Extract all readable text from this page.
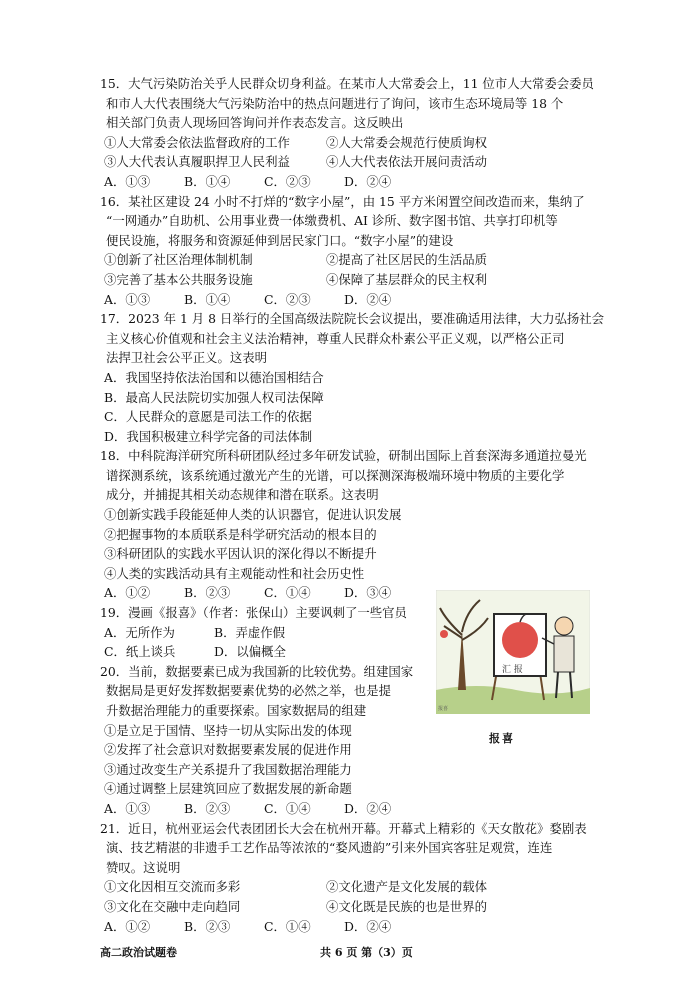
15．大气污染防治关乎人民群众切身利益。在某市人大常委会上，11 位市人大常委会委员
和市人大代表围绕大气污染防治中的热点问题进行了询问，该市生态环境局等 18 个
相关部门负责人现场回答询问并作表态发言。这反映出
①人大常委会依法监督政府的工作	②人大常委会规范行使质询权
③人大代表认真履职捍卫人民利益	④人大代表依法开展问责活动
A．①③	B．①④	C．②③	D．②④
16．某社区建设 24 小时不打烊的“数字小屋”，由 15 平方米闲置空间改造而来，集纳了
“一网通办”自助机、公用事业费一体缴费机、AI 诊所、数字图书馆、共享打印机等
便民设施，将服务和资源延伸到居民家门口。“数字小屋”的建设
①创新了社区治理体制机制	②提高了社区居民的生活品质
③完善了基本公共服务设施	④保障了基层群众的民主权利
A．①③	B．①④	C．②③	D．②④
17．2023 年 1 月 8 日举行的全国高级法院院长会议提出，要准确适用法律，大力弘扬社会
主义核心价值观和社会主义法治精神，尊重人民群众朴素公平正义观，以严格公正司
法捍卫社会公平正义。这表明
A．我国坚持依法治国和以德治国相结合
B．最高人民法院切实加强人权司法保障
C．人民群众的意愿是司法工作的依据
D．我国积极建立科学完备的司法体制
18．中科院海洋研究所科研团队经过多年研发试验，研制出国际上首套深海多通道拉曼光
谱探测系统，该系统通过激光产生的光谱，可以探测深海极端环境中物质的主要化学
成分，并捕捉其相关动态规律和潜在联系。这表明
①创新实践手段能延伸人类的认识器官，促进认识发展
②把握事物的本质联系是科学研究活动的根本目的
③科研团队的实践水平因认识的深化得以不断提升
④人类的实践活动具有主观能动性和社会历史性
A．①②	B．②③	C．①④	D．③④
19．漫画《报喜》（作者：张保山）主要讽刺了一些官员
A．无所作为	B．弄虚作假
C．纸上谈兵	D．以偏概全
20．当前，数据要素已成为我国新的比较优势。组建国家
数据局是更好发挥数据要素优势的必然之举，也是提
升数据治理能力的重要探索。国家数据局的组建
①是立足于国情、坚持一切从实际出发的体现
②发挥了社会意识对数据要素发展的促进作用
③通过改变生产关系提升了我国数据治理能力
④通过调整上层建筑回应了数据发展的新命题
A．①③	B．②③	C．①④	D．②④
21．近日，杭州亚运会代表团团长大会在杭州开幕。开幕式上精彩的《天女散花》婺剧表
演、技艺精湛的非遗手工艺作品等浓浓的“婺风遗韵”引来外国宾客驻足观赏，连连
赞叹。这说明
①文化因相互交流而多彩	②文化遗产是文化发展的载体
③文化在交融中走向趋同	④文化既是民族的也是世界的
A．①②	B．②③	C．①④	D．②④
汇 报
报喜
报喜
高二政治试题卷	共 6 页 第（3）页
